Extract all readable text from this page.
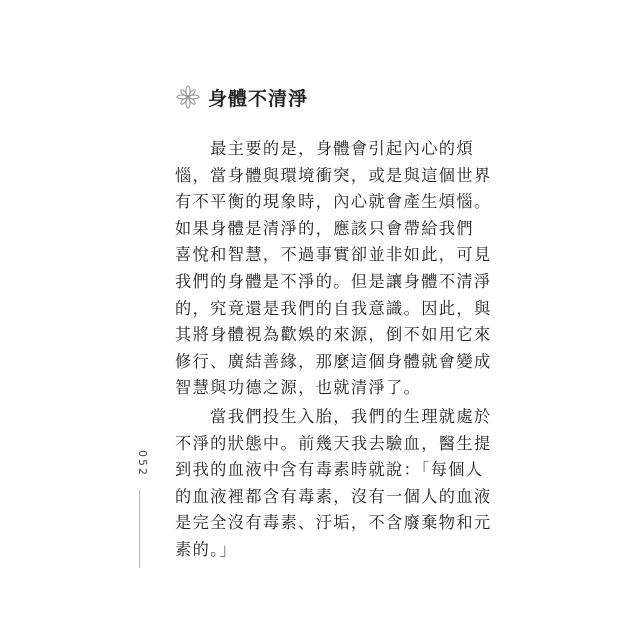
身體不清淨
　　最主要的是，身體會引起內心的煩
惱，當身體與環境衝突，或是與這個世界
有不平衡的現象時，內心就會產生煩惱。
如果身體是清淨的，應該只會帶給我們
喜悅和智慧，不過事實卻並非如此，可見
我們的身體是不淨的。但是讓身體不清淨
的，究竟還是我們的自我意識。因此，與
其將身體視為歡娛的來源，倒不如用它來
修行、廣結善緣，那麼這個身體就會變成
智慧與功德之源，也就清淨了。
　　當我們投生入胎，我們的生理就處於
不淨的狀態中。前幾天我去驗血，醫生提
到我的血液中含有毒素時就說：「每個人
的血液裡都含有毒素，沒有一個人的血液
是完全沒有毒素、汙垢，不含廢棄物和元
素的。」
052
